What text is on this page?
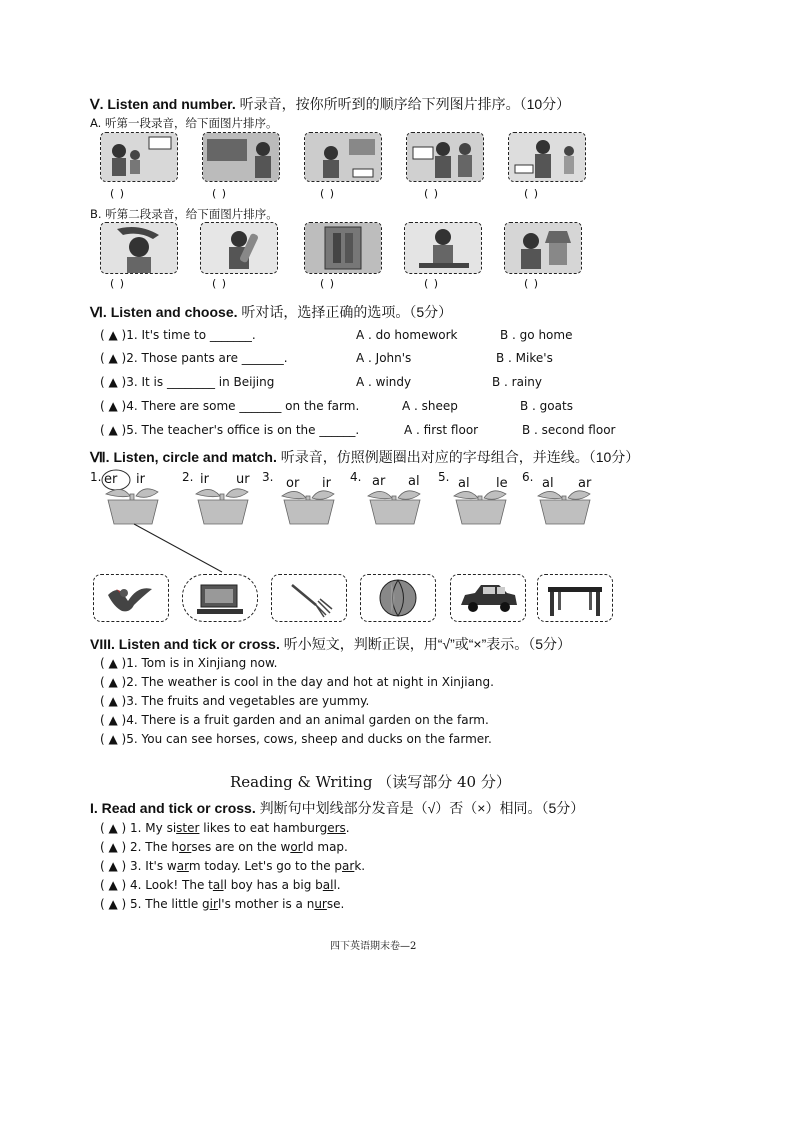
Ⅴ. Listen and number. 听录音，按你所听到的顺序给下列图片排序。（10分）
A. 听第一段录音，给下面图片排序。
( )	( )	( )	( )	( )
B. 听第二段录音，给下面图片排序。
( )	( )	( )	( )	( )
Ⅵ. Listen and choose. 听对话，选择正确的选项。（5分）
( ▲ )1. It's time to _______.	A . do homework	B . go home
( ▲ )2. Those pants are _______.	A . John's	B . Mike's
( ▲ )3. It is ________ in Beijing	A . windy	B . rainy
( ▲ )4. There are some _______ on the farm.	A . sheep	B . goats
( ▲ )5. The teacher's office is on the ______.	A . first floor	B . second floor
Ⅶ. Listen, circle and match. 听录音，仿照例题圈出对应的字母组合，并连线。（10分）
1. er ir	2. ir ur 3. or ir 4. ar al 5. al le 6. al ar
VIII. Listen and tick or cross. 听小短文，判断正误，用“√”或“×”表示。（5分）
( ▲ )1. Tom is in Xinjiang now.
( ▲ )2. The weather is cool in the day and hot at night in Xinjiang.
( ▲ )3. The fruits and vegetables are yummy.
( ▲ )4. There is a fruit garden and an animal garden on the farm.
( ▲ )5. You can see horses, cows, sheep and ducks on the farmer.
Reading & Writing （读写部分 40 分）
I. Read and tick or cross. 判断句中划线部分发音是（√）否（×）相同。（5分）
( ▲ ) 1. My sister likes to eat hamburgers.
( ▲ ) 2. The horses are on the world map.
( ▲ ) 3. It's warm today. Let's go to the park.
( ▲ ) 4. Look! The tall boy has a big ball.
( ▲ ) 5. The little girl's mother is a nurse.
四下英语期末卷—2
